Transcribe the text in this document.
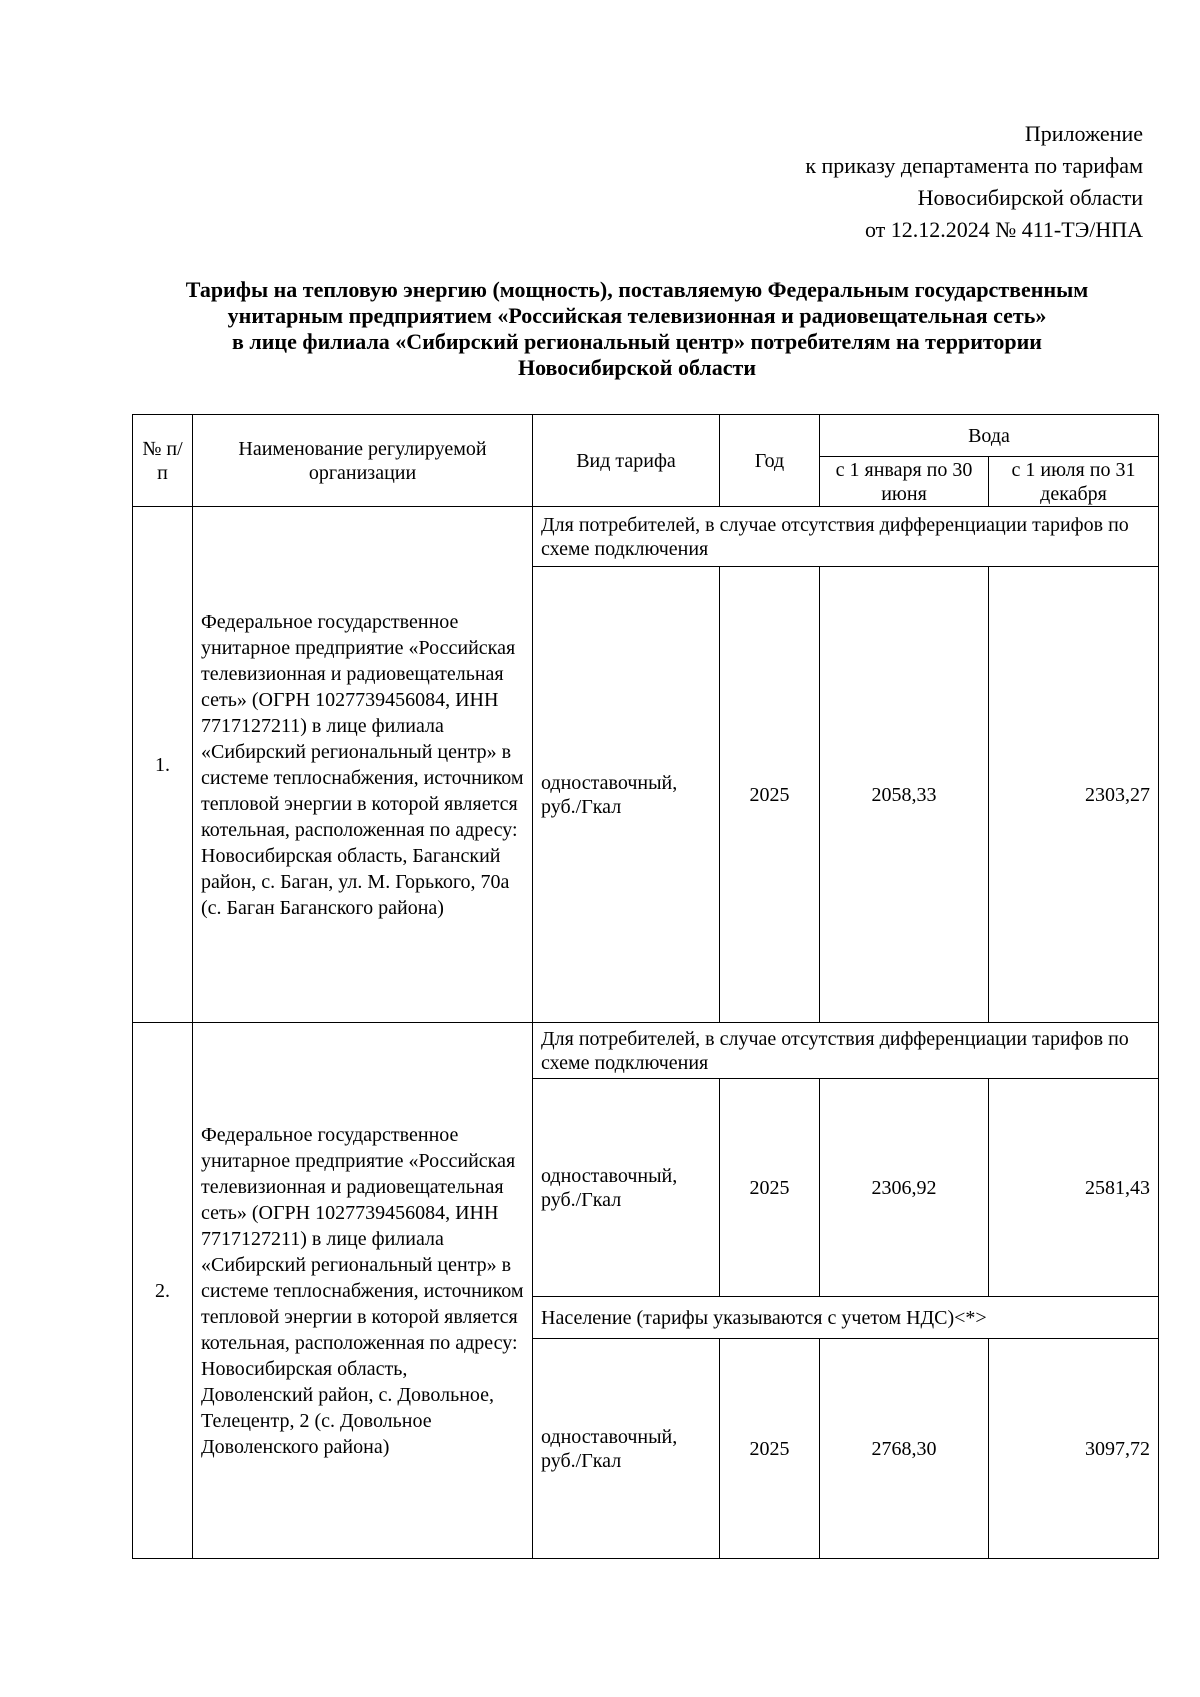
Приложение
к приказу департамента по тарифам
Новосибирской области
от 12.12.2024 № 411-ТЭ/НПА
Тарифы на тепловую энергию (мощность), поставляемую Федеральным государственным
унитарным предприятием «Российская телевизионная и радиовещательная сеть»
в лице филиала «Сибирский региональный центр» потребителям на территории
Новосибирской области
№ п/п	Наименование регулируемой организации	Вид тарифа	Год	Вода	
				с 1 января по 30 июня	с 1 июля по 31 декабря
1.	Федеральное государственное унитарное предприятие «Российская телевизионная и радиовещательная сеть» (ОГРН 1027739456084, ИНН 7717127211) в лице филиала «Сибирский региональный центр» в системе теплоснабжения, источником тепловой энергии в которой является котельная, расположенная по адресу: Новосибирская область, Баганский район, с. Баган, ул. М. Горького, 70а (с. Баган Баганского района)	Для потребителей, в случае отсутствия дифференциации тарифов по схеме подключения			
		одноставочный, руб./Гкал	2025	2058,33	2303,27
2.	Федеральное государственное унитарное предприятие «Российская телевизионная и радиовещательная сеть» (ОГРН 1027739456084, ИНН 7717127211) в лице филиала «Сибирский региональный центр» в системе теплоснабжения, источником тепловой энергии в которой является котельная, расположенная по адресу: Новосибирская область, Доволенский район, с. Довольное, Телецентр, 2 (с. Довольное Доволенского района)	Для потребителей, в случае отсутствия дифференциации тарифов по схеме подключения			
		одноставочный, руб./Гкал	2025	2306,92	2581,43
		Население (тарифы указываются с учетом НДС)<*>			
		одноставочный, руб./Гкал	2025	2768,30	3097,72
